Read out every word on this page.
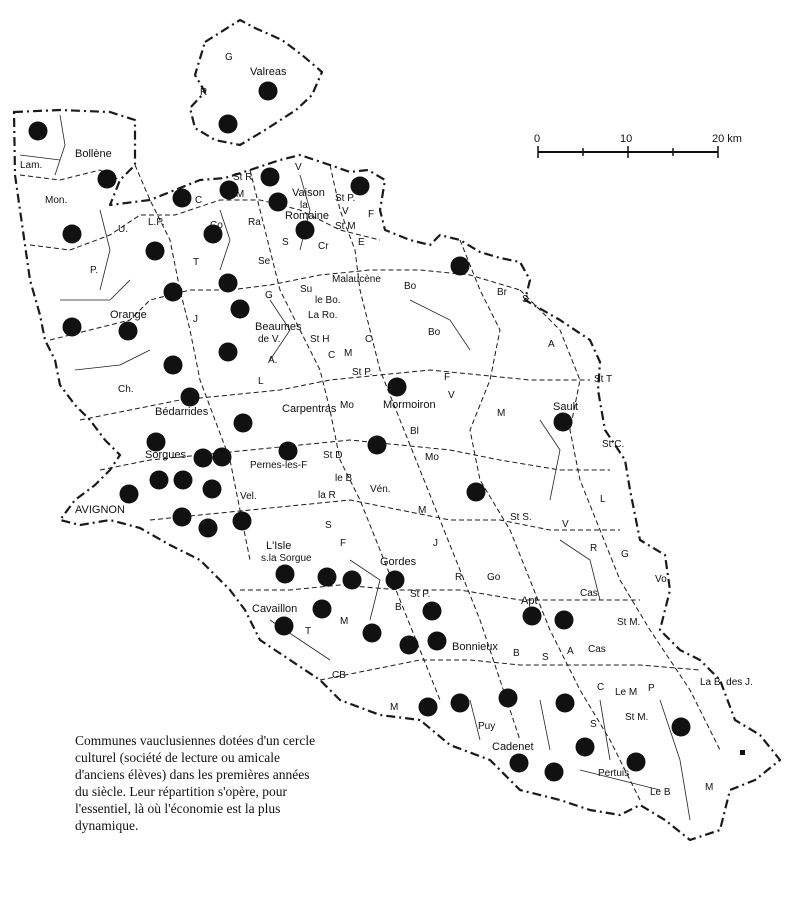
0	10	20 km
Valreas
G
R
Bollène
Lam.
Mon.
U.
P.
L.P.
Orange
Ch.
Bédarrides
Sorgues
AVIGNON
C
St R
de M
Co	Ra
Vaison
la
Romaine
V
St P.
V
St M
F
E
S	Cr
T	Se
G
J
Su
Malaucène
le Bo.
La Ro.
Beaumes
de V.	St H
C M
A.
L
St P.
C
Bo
Bo
Br
S
A
St T
Carpentras Mo	Mormoiron
F
V
M
Sault
St C.
Bl
Mo
St D
Pernes-les-F
le B
la R
Vén.
Vel.
M
St S.
L
V
J	R
G
Vo
S
F
L'Isle
s.la Sorgue	Gordes
R. Go
St P.
B
Apt
Cas
St M.
Cavaillon
T
M
Bonnieux
B S
A Cas
CB
C Le M P
La B. des J.
M
Puy	S
St M.
Cadenet
Pertuis
Le B	M
Communes vauclusiennes dotées d'un cercle culturel (société de lecture ou amicale d'anciens élèves) dans les premières années du siècle. Leur répartition s'opère, pour l'essentiel, là où l'économie est la plus dynamique.
